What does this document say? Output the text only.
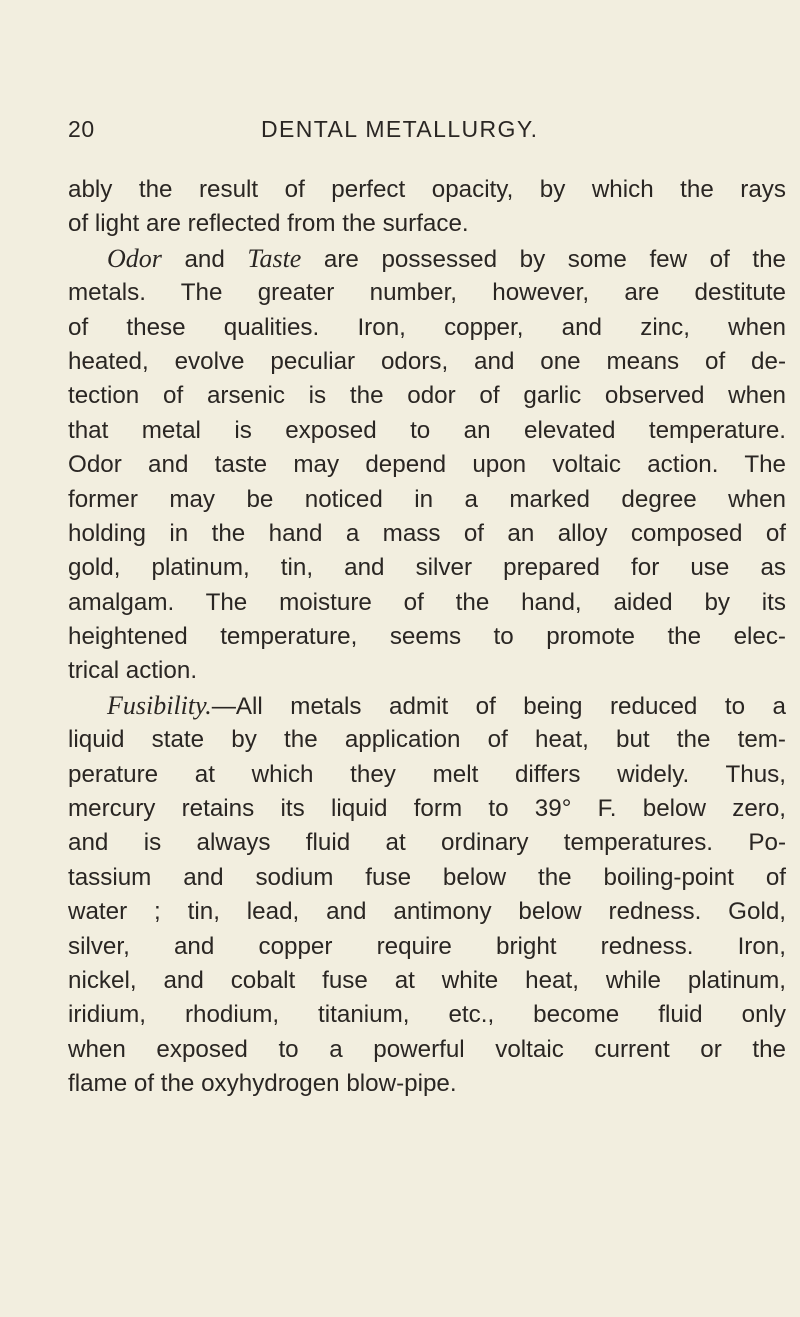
20	DENTAL METALLURGY.
ably the result of perfect opacity, by which the rays
of light are reflected from the surface.
Odor and Taste are possessed by some few of the
metals. The greater number, however, are destitute
of these qualities. Iron, copper, and zinc, when
heated, evolve peculiar odors, and one means of de-
tection of arsenic is the odor of garlic observed when
that metal is exposed to an elevated temperature.
Odor and taste may depend upon voltaic action. The
former may be noticed in a marked degree when
holding in the hand a mass of an alloy composed of
gold, platinum, tin, and silver prepared for use as
amalgam. The moisture of the hand, aided by its
heightened temperature, seems to promote the elec-
trical action.
Fusibility.—All metals admit of being reduced to a
liquid state by the application of heat, but the tem-
perature at which they melt differs widely. Thus,
mercury retains its liquid form to 39° F. below zero,
and is always fluid at ordinary temperatures. Po-
tassium and sodium fuse below the boiling-point of
water ; tin, lead, and antimony below redness. Gold,
silver, and copper require bright redness. Iron,
nickel, and cobalt fuse at white heat, while platinum,
iridium, rhodium, titanium, etc., become fluid only
when exposed to a powerful voltaic current or the
flame of the oxyhydrogen blow-pipe.
